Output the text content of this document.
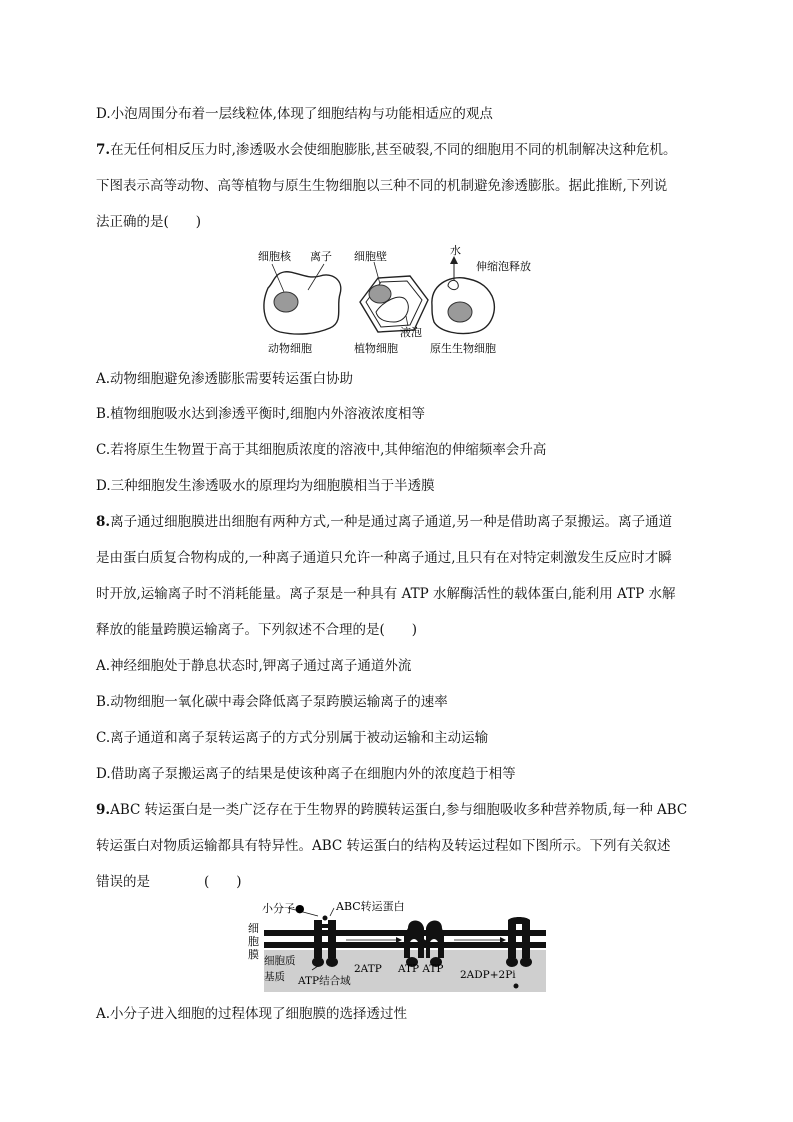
D.小泡周围分布着一层线粒体,体现了细胞结构与功能相适应的观点
7.在无任何相反压力时,渗透吸水会使细胞膨胀,甚至破裂,不同的细胞用不同的机制解决这种危机。
下图表示高等动物、高等植物与原生生物细胞以三种不同的机制避免渗透膨胀。据此推断,下列说
法正确的是(　　)
细胞核 离子 细胞壁
液泡
水
伸缩泡释放
动物细胞	植物细胞	原生生物细胞
A.动物细胞避免渗透膨胀需要转运蛋白协助
B.植物细胞吸水达到渗透平衡时,细胞内外溶液浓度相等
C.若将原生生物置于高于其细胞质浓度的溶液中,其伸缩泡的伸缩频率会升高
D.三种细胞发生渗透吸水的原理均为细胞膜相当于半透膜
8.离子通过细胞膜进出细胞有两种方式,一种是通过离子通道,另一种是借助离子泵搬运。离子通道
是由蛋白质复合物构成的,一种离子通道只允许一种离子通过,且只有在对特定刺激发生反应时才瞬
时开放,运输离子时不消耗能量。离子泵是一种具有 ATP 水解酶活性的载体蛋白,能利用 ATP 水解
释放的能量跨膜运输离子。下列叙述不合理的是(　　)
A.神经细胞处于静息状态时,钾离子通过离子通道外流
B.动物细胞一氧化碳中毒会降低离子泵跨膜运输离子的速率
C.离子通道和离子泵转运离子的方式分别属于被动运输和主动运输
D.借助离子泵搬运离子的结果是使该种离子在细胞内外的浓度趋于相等
9.ABC 转运蛋白是一类广泛存在于生物界的跨膜转运蛋白,参与细胞吸收多种营养物质,每一种 ABC
转运蛋白对物质运输都具有特异性。ABC 转运蛋白的结构及转运过程如下图所示。下列有关叙述
错误的是　　　　(　　)
细
胞
膜
小分子●	ABC转运蛋白
细胞质
基质 ATP结合域
2ATP ATP ATP 2ADP+2Pi
A.小分子进入细胞的过程体现了细胞膜的选择透过性
